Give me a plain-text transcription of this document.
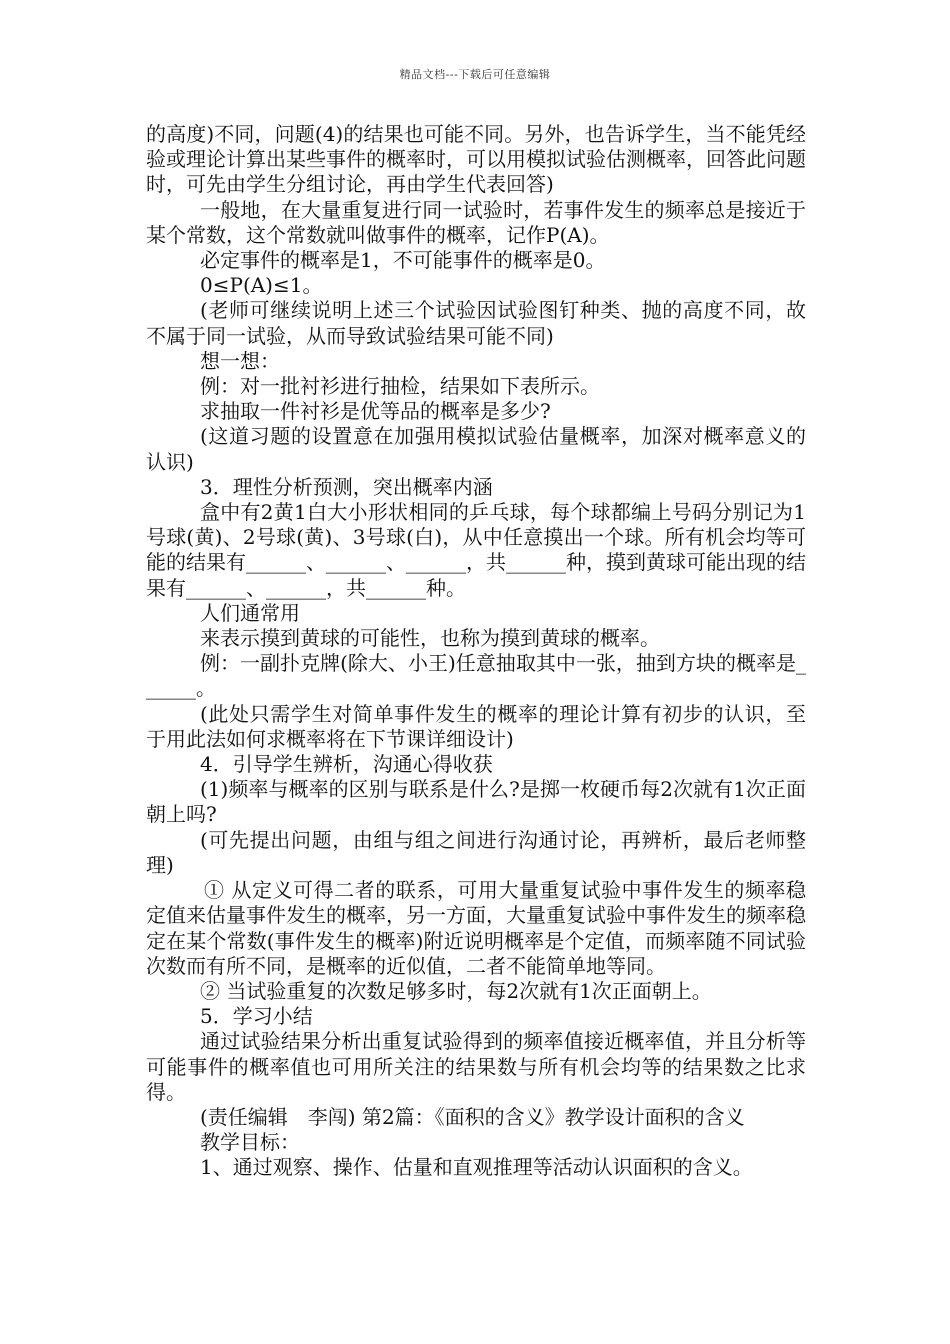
精品文档---下载后可任意编辑

的高度)不同，问题(4)的结果也可能不同。另外，也告诉学生，当不能凭经验或理论计算出某些事件的概率时，可以用模拟试验估测概率，回答此问题时，可先由学生分组讨论，再由学生代表回答)

一般地，在大量重复进行同一试验时，若事件发生的频率总是接近于某个常数，这个常数就叫做事件的概率，记作P(A)。

必定事件的概率是1，不可能事件的概率是0。

0≤P(A)≤1。

(老师可继续说明上述三个试验因试验图钉种类、抛的高度不同，故不属于同一试验，从而导致试验结果可能不同)

想一想：

例：对一批衬衫进行抽检，结果如下表所示。

求抽取一件衬衫是优等品的概率是多少?

(这道习题的设置意在加强用模拟试验估量概率，加深对概率意义的认识)

3．理性分析预测，突出概率内涵

盒中有2黄1白大小形状相同的乒乓球，每个球都编上号码分别记为1号球(黄)、2号球(黄)、3号球(白)，从中任意摸出一个球。所有机会均等可能的结果有______、______、______，共______种，摸到黄球可能出现的结果有______、______，共______种。

人们通常用

来表示摸到黄球的可能性，也称为摸到黄球的概率。

例：一副扑克牌(除大、小王)任意抽取其中一张，抽到方块的概率是______。

(此处只需学生对简单事件发生的概率的理论计算有初步的认识，至于用此法如何求概率将在下节课详细设计)

4．引导学生辨析，沟通心得收获

(1)频率与概率的区别与联系是什么?是掷一枚硬币每2次就有1次正面朝上吗?

(可先提出问题，由组与组之间进行沟通讨论，再辨析，最后老师整理)

① 从定义可得二者的联系，可用大量重复试验中事件发生的频率稳定值来估量事件发生的概率，另一方面，大量重复试验中事件发生的频率稳定在某个常数(事件发生的概率)附近说明概率是个定值，而频率随不同试验次数而有所不同，是概率的近似值，二者不能简单地等同。

② 当试验重复的次数足够多时，每2次就有1次正面朝上。

5．学习小结

通过试验结果分析出重复试验得到的频率值接近概率值，并且分析等可能事件的概率值也可用所关注的结果数与所有机会均等的结果数之比求得。

(责任编辑　李闯) 第2篇：《面积的含义》教学设计面积的含义

教学目标：

1、通过观察、操作、估量和直观推理等活动认识面积的含义。
